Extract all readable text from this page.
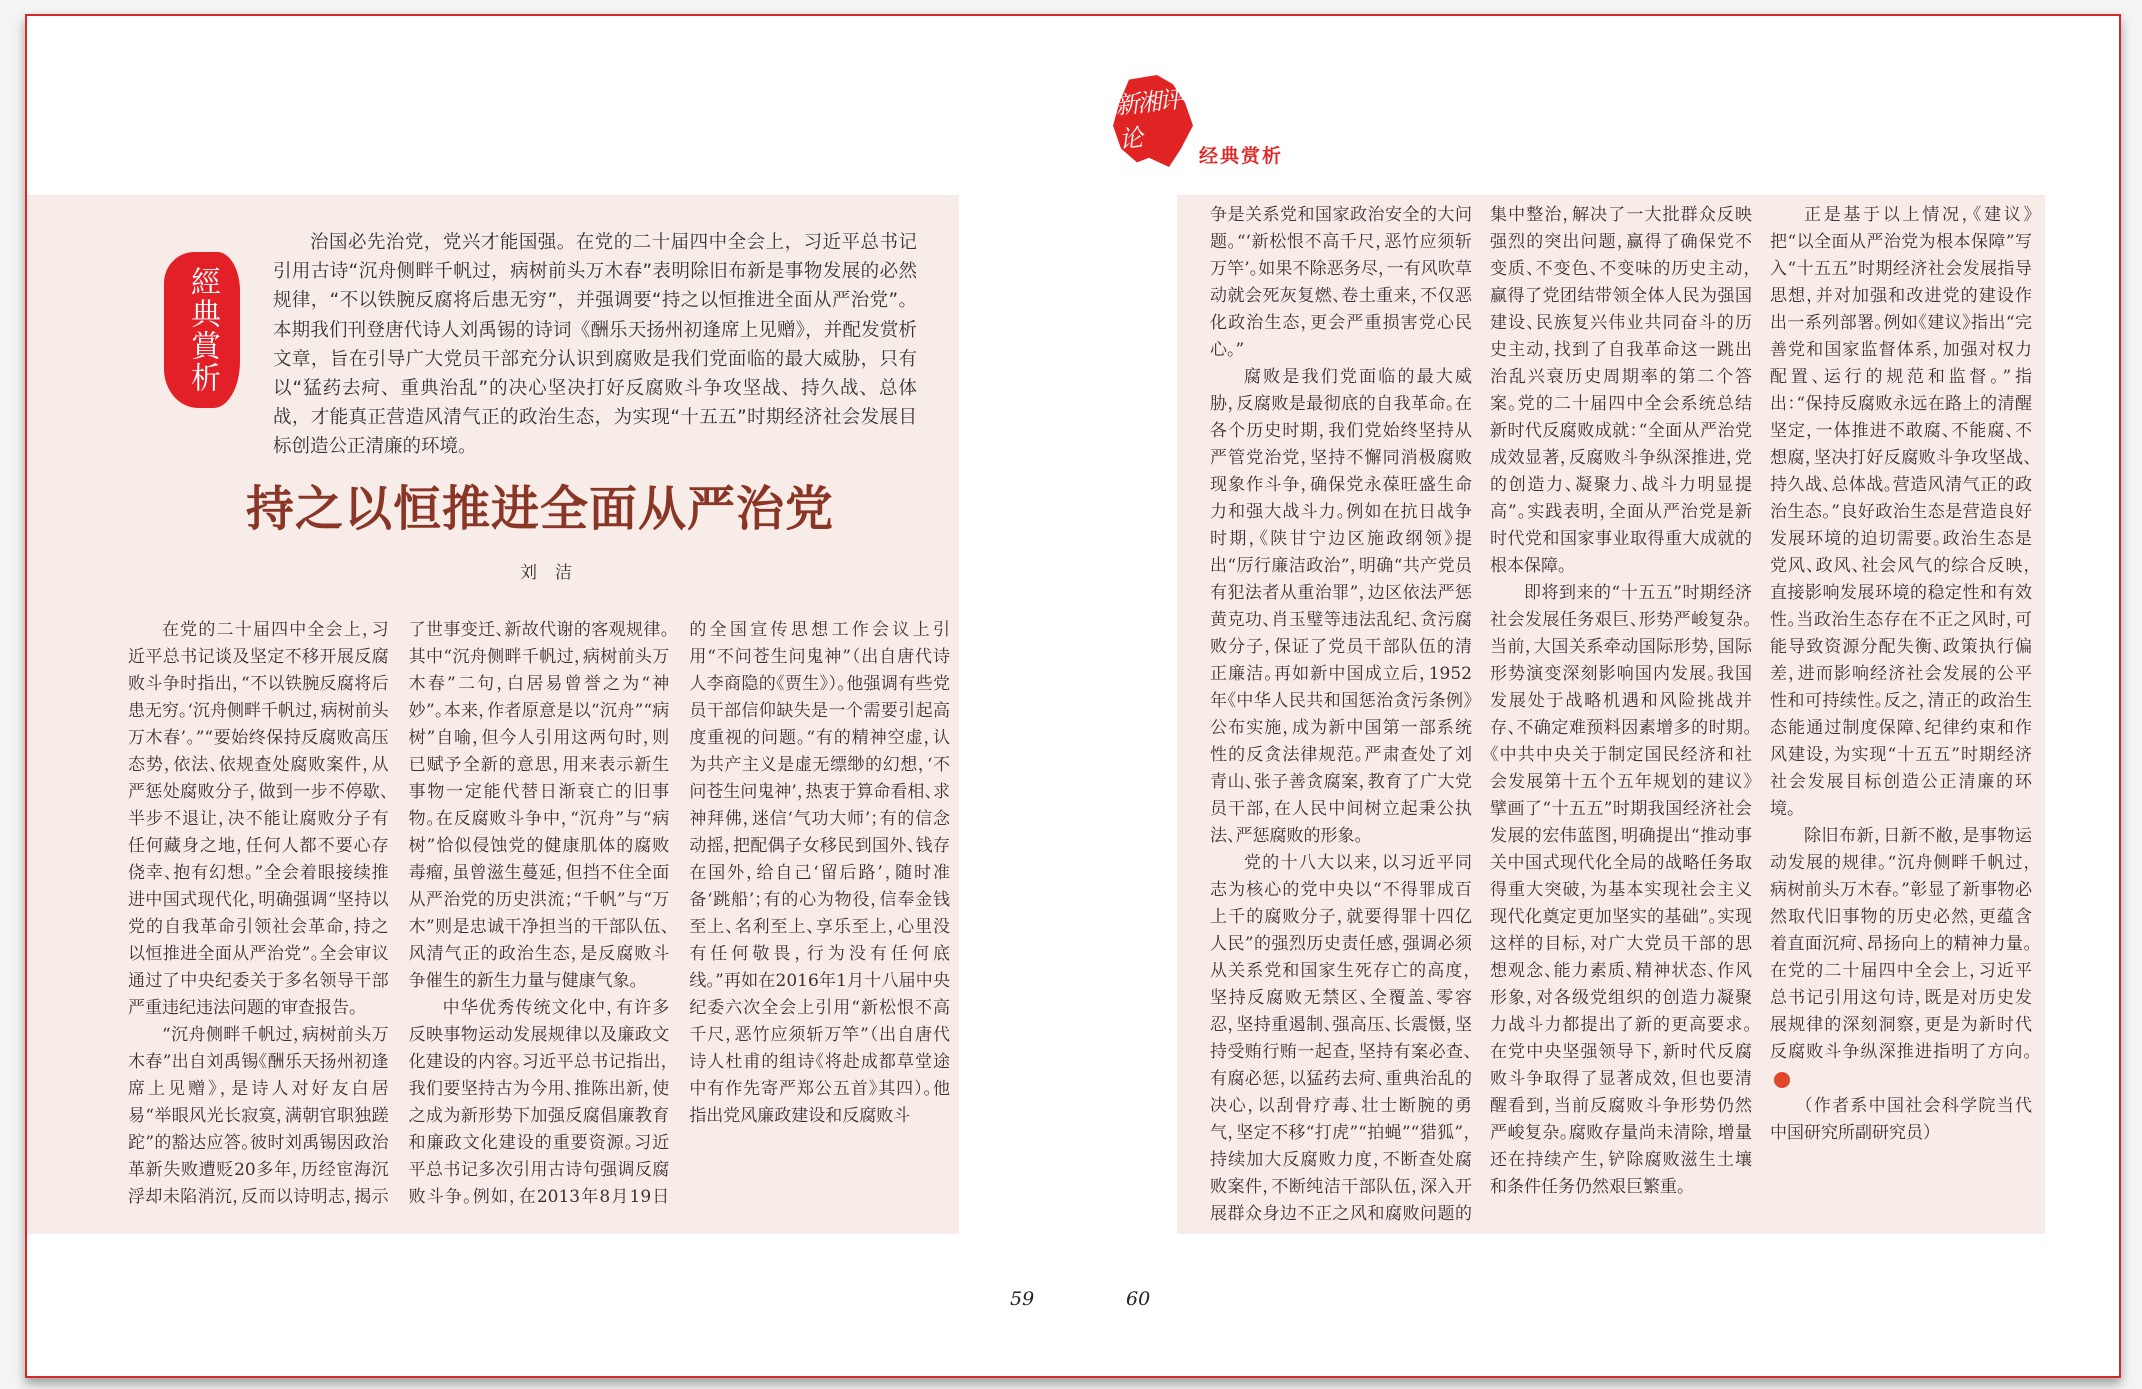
新湘评论
经典赏析
經典賞析

治国必先治党，党兴才能国强。在党的二十届四中全会上，习近平总书记引用古诗“沉舟侧畔千帆过，病树前头万木春”表明除旧布新是事物发展的必然规律，“不以铁腕反腐将后患无穷”，并强调要“持之以恒推进全面从严治党”。本期我们刊登唐代诗人刘禹锡的诗词《酬乐天扬州初逢席上见赠》，并配发赏析文章，旨在引导广大党员干部充分认识到腐败是我们党面临的最大威胁，只有以“猛药去疴、重典治乱”的决心坚决打好反腐败斗争攻坚战、持久战、总体战，才能真正营造风清气正的政治生态，为实现“十五五”时期经济社会发展目标创造公正清廉的环境。

持之以恒推进全面从严治党
刘洁

在党的二十届四中全会上，习近平总书记谈及坚定不移开展反腐败斗争时指出，“不以铁腕反腐将后患无穷。‘沉舟侧畔千帆过，病树前头万木春’。”“要始终保持反腐败高压态势，依法、依规查处腐败案件，从严惩处腐败分子，做到一步不停歇、半步不退让，决不能让腐败分子有任何藏身之地，任何人都不要心存侥幸、抱有幻想。”全会着眼接续推进中国式现代化，明确强调“坚持以党的自我革命引领社会革命，持之以恒推进全面从严治党”。全会审议通过了中央纪委关于多名领导干部严重违纪违法问题的审查报告。

“沉舟侧畔千帆过，病树前头万木春”出自刘禹锡《酬乐天扬州初逢席上见赠》，是诗人对好友白居易“举眼风光长寂寞，满朝官职独蹉跎”的豁达应答。彼时刘禹锡因政治革新失败遭贬20多年，历经宦海沉浮却未陷消沉，反而以诗明志，揭示了世事变迁、新故代谢的客观规律。其中“沉舟侧畔千帆过，病树前头万木春”二句，白居易曾誉之为“神妙”。本来，作者原意是以“沉舟”“病树”自喻，但今人引用这两句时，则已赋予全新的意思，用来表示新生事物一定能代替日渐衰亡的旧事物。在反腐败斗争中，“沉舟”与“病树”恰似侵蚀党的健康肌体的腐败毒瘤，虽曾滋生蔓延，但挡不住全面从严治党的历史洪流；“千帆”与“万木”则是忠诚干净担当的干部队伍、风清气正的政治生态，是反腐败斗争催生的新生力量与健康气象。

中华优秀传统文化中，有许多反映事物运动发展规律以及廉政文化建设的内容。习近平总书记指出，我们要坚持古为今用、推陈出新，使之成为新形势下加强反腐倡廉教育和廉政文化建设的重要资源。习近平总书记多次引用古诗句强调反腐败斗争。例如，在2013年8月19日的全国宣传思想工作会议上引用“不问苍生问鬼神”（出自唐代诗人李商隐的《贾生》）。他强调有些党员干部信仰缺失是一个需要引起高度重视的问题。“有的精神空虚，认为共产主义是虚无缥缈的幻想，‘不问苍生问鬼神’，热衷于算命看相、求神拜佛，迷信‘气功大师’；有的信念动摇，把配偶子女移民到国外、钱存在国外，给自己‘留后路’，随时准备‘跳船’；有的心为物役，信奉金钱至上、名利至上、享乐至上，心里没有任何敬畏，行为没有任何底线。”再如在2016年1月十八届中央纪委六次全会上引用“新松恨不高千尺，恶竹应须斩万竿”（出自唐代诗人杜甫的组诗《将赴成都草堂途中有作先寄严郑公五首》其四）。他指出党风廉政建设和反腐败斗

争是关系党和国家政治安全的大问题。“‘新松恨不高千尺，恶竹应须斩万竿’。如果不除恶务尽，一有风吹草动就会死灰复燃、卷土重来，不仅恶化政治生态，更会严重损害党心民心。”

腐败是我们党面临的最大威胁，反腐败是最彻底的自我革命。在各个历史时期，我们党始终坚持从严管党治党，坚持不懈同消极腐败现象作斗争，确保党永葆旺盛生命力和强大战斗力。例如在抗日战争时期，《陕甘宁边区施政纲领》提出“厉行廉洁政治”，明确“共产党员有犯法者从重治罪”，边区依法严惩黄克功、肖玉璧等违法乱纪、贪污腐败分子，保证了党员干部队伍的清正廉洁。再如新中国成立后，1952年《中华人民共和国惩治贪污条例》公布实施，成为新中国第一部系统性的反贪法律规范。严肃查处了刘青山、张子善贪腐案，教育了广大党员干部，在人民中间树立起秉公执法、严惩腐败的形象。

党的十八大以来，以习近平同志为核心的党中央以“不得罪成百上千的腐败分子，就要得罪十四亿人民”的强烈历史责任感，强调必须从关系党和国家生死存亡的高度，坚持反腐败无禁区、全覆盖、零容忍，坚持重遏制、强高压、长震慑，坚持受贿行贿一起查，坚持有案必查、有腐必惩，以猛药去疴、重典治乱的决心，以刮骨疗毒、壮士断腕的勇气，坚定不移“打虎”“拍蝇”“猎狐”，持续加大反腐败力度，不断查处腐败案件，不断纯洁干部队伍，深入开展群众身边不正之风和腐败问题的集中整治，解决了一大批群众反映强烈的突出问题，赢得了确保党不变质、不变色、不变味的历史主动，赢得了党团结带领全体人民为强国建设、民族复兴伟业共同奋斗的历史主动，找到了自我革命这一跳出治乱兴衰历史周期率的第二个答案。党的二十届四中全会系统总结新时代反腐败成就：“全面从严治党成效显著，反腐败斗争纵深推进，党的创造力、凝聚力、战斗力明显提高”。实践表明，全面从严治党是新时代党和国家事业取得重大成就的根本保障。

即将到来的“十五五”时期经济社会发展任务艰巨、形势严峻复杂。当前，大国关系牵动国际形势，国际形势演变深刻影响国内发展。我国发展处于战略机遇和风险挑战并存、不确定难预料因素增多的时期。《中共中央关于制定国民经济和社会发展第十五个五年规划的建议》擘画了“十五五”时期我国经济社会发展的宏伟蓝图，明确提出“推动事关中国式现代化全局的战略任务取得重大突破，为基本实现社会主义现代化奠定更加坚实的基础”。实现这样的目标，对广大党员干部的思想观念、能力素质、精神状态、作风形象，对各级党组织的创造力凝聚力战斗力都提出了新的更高要求。在党中央坚强领导下，新时代反腐败斗争取得了显著成效，但也要清醒看到，当前反腐败斗争形势仍然严峻复杂。腐败存量尚未清除，增量还在持续产生，铲除腐败滋生土壤和条件任务仍然艰巨繁重。

正是基于以上情况，《建议》把“以全面从严治党为根本保障”写入“十五五”时期经济社会发展指导思想，并对加强和改进党的建设作出一系列部署。例如《建议》指出“完善党和国家监督体系，加强对权力配置、运行的规范和监督。”指出：“保持反腐败永远在路上的清醒坚定，一体推进不敢腐、不能腐、不想腐，坚决打好反腐败斗争攻坚战、持久战、总体战。营造风清气正的政治生态。”良好政治生态是营造良好发展环境的迫切需要。政治生态是党风、政风、社会风气的综合反映，直接影响发展环境的稳定性和有效性。当政治生态存在不正之风时，可能导致资源分配失衡、政策执行偏差，进而影响经济社会发展的公平性和可持续性。反之，清正的政治生态能通过制度保障、纪律约束和作风建设，为实现“十五五”时期经济社会发展目标创造公正清廉的环境。

除旧布新，日新不敝，是事物运动发展的规律。“沉舟侧畔千帆过，病树前头万木春。”彰显了新事物必然取代旧事物的历史必然，更蕴含着直面沉疴、昂扬向上的精神力量。在党的二十届四中全会上，习近平总书记引用这句诗，既是对历史发展规律的深刻洞察，更是为新时代反腐败斗争纵深推进指明了方向。

（作者系中国社会科学院当代中国研究所副研究员）

59	60
